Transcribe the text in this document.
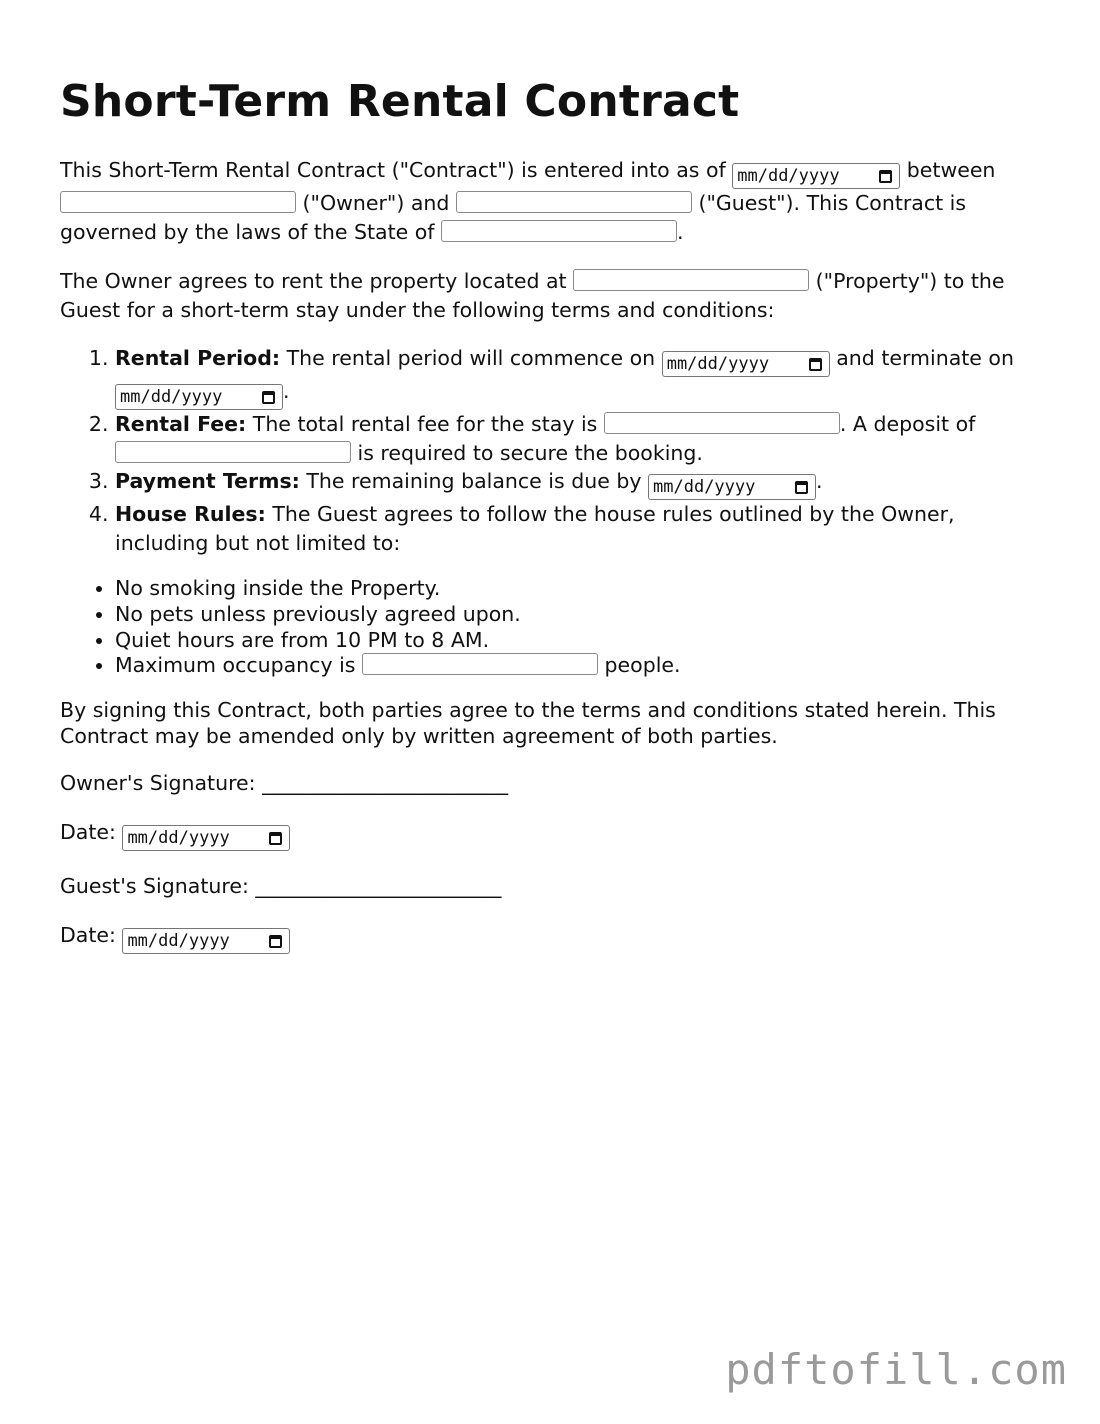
Short-Term Rental Contract

This Short-Term Rental Contract ("Contract") is entered into as of mm/dd/yyyy	between  ("Owner") and	("Guest"). This Contract is governed by the laws of the State of	.

The Owner agrees to rent the property located at	("Property") to the Guest for a short-term stay under the following terms and conditions:

1. Rental Period: The rental period will commence on mm/dd/yyyy	and terminate on mm/dd/yyyy	.
2. Rental Fee: The total rental fee for the stay is	. A deposit of  is required to secure the booking.
3. Payment Terms: The remaining balance is due by mm/dd/yyyy	.
4. House Rules: The Guest agrees to follow the house rules outlined by the Owner, including but not limited to:
• No smoking inside the Property.
• No pets unless previously agreed upon.
• Quiet hours are from 10 PM to 8 AM.
• Maximum occupancy is	people.

By signing this Contract, both parties agree to the terms and conditions stated herein. This Contract may be amended only by written agreement of both parties.

Owner's Signature: ________________________

Date: mm/dd/yyyy

Guest's Signature: ________________________

Date: mm/dd/yyyy

pdftofill.com
